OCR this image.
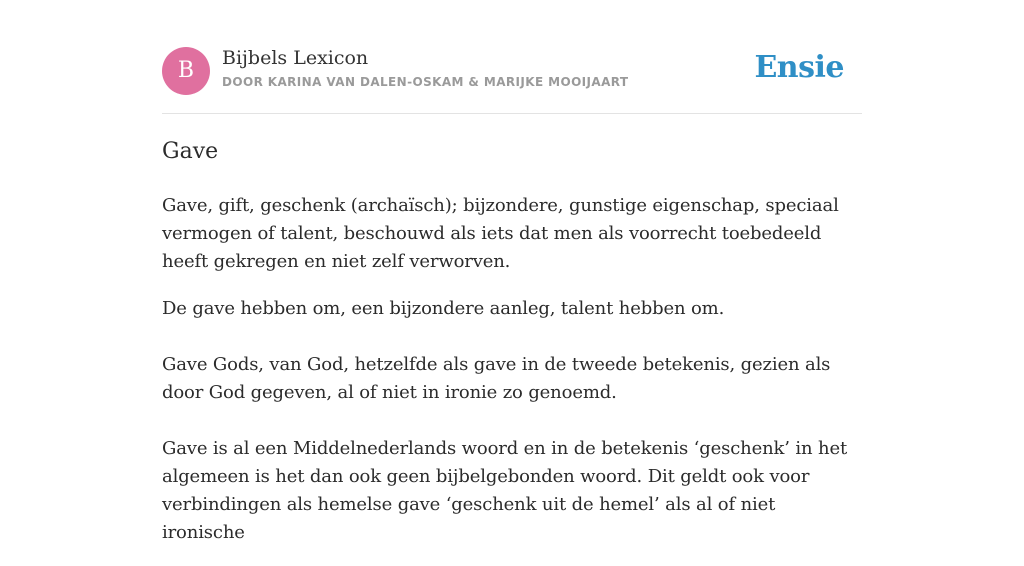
B	Bijbels Lexicon
DOOR KARINA VAN DALEN-OSKAM & MARIJKE MOOIJAART	Ensie
Gave

Gave, gift, geschenk (archaïsch); bijzondere, gunstige eigenschap, speciaal vermogen of talent, beschouwd als iets dat men als voorrecht toebedeeld heeft gekregen en niet zelf verworven.

De gave hebben om, een bijzondere aanleg, talent hebben om.

Gave Gods, van God, hetzelfde als gave in de tweede betekenis, gezien als door God gegeven, al of niet in ironie zo genoemd.

Gave is al een Middelnederlands woord en in de betekenis ‘geschenk’ in het algemeen is het dan ook geen bijbelgebonden woord. Dit geldt ook voor verbindingen als hemelse gave ‘geschenk uit de hemel’ als al of niet ironische
